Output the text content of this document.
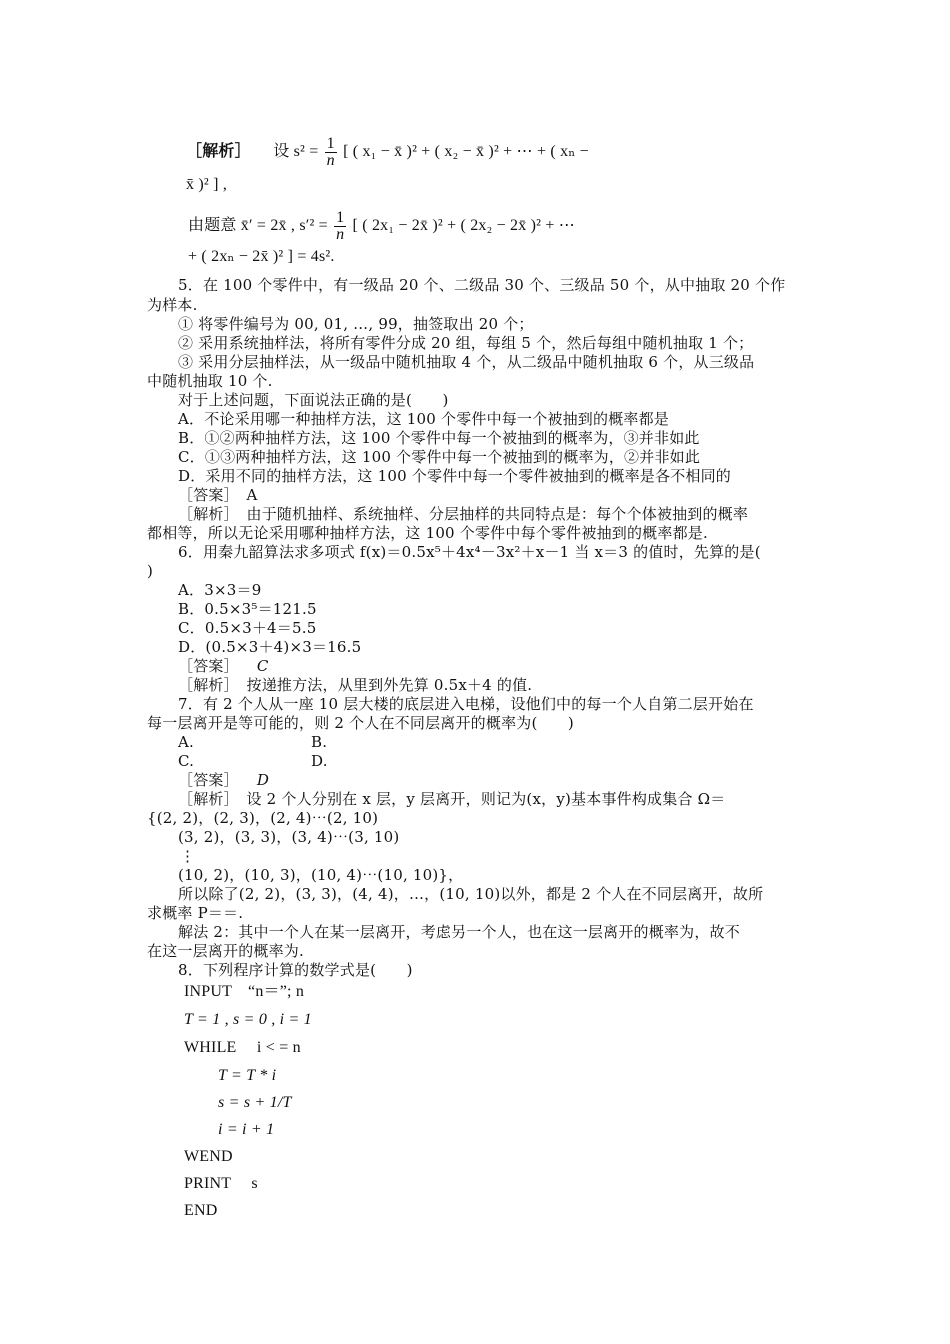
［解析］ 设 $s^2 = \frac{1}{n}$ [ ( x₁ − x̄ )² + ( x₂ − x̄ )² + ⋯ + ( xₙ −
x̄ )² ] ,
由题意 x̄′ = 2x̄ , $s'^2 = \frac{1}{n}$ [ ( 2x₁ − 2x̄ )² + ( 2x₂ − 2x̄ )² + ⋯
+ ( 2xₙ − 2x̄ )² ] = 4s².
5．在 100 个零件中，有一级品 20 个、二级品 30 个、三级品 50 个，从中抽取 20 个作
为样本.
① 将零件编号为 00, 01, …, 99，抽签取出 20 个；
② 采用系统抽样法，将所有零件分成 20 组，每组 5 个，然后每组中随机抽取 1 个；
③ 采用分层抽样法，从一级品中随机抽取 4 个，从二级品中随机抽取 6 个，从三级品
中随机抽取 10 个.
对于上述问题，下面说法正确的是(　　)
A．不论采用哪一种抽样方法，这 100 个零件中每一个被抽到的概率都是
B．①②两种抽样方法，这 100 个零件中每一个被抽到的概率为，③并非如此
C．①③两种抽样方法，这 100 个零件中每一个被抽到的概率为，②并非如此
D．采用不同的抽样方法，这 100 个零件中每一个零件被抽到的概率是各不相同的
［答案］　A
［解析］　由于随机抽样、系统抽样、分层抽样的共同特点是：每个个体被抽到的概率
都相等，所以无论采用哪种抽样方法，这 100 个零件中每个零件被抽到的概率都是.
6．用秦九韶算法求多项式 f(x)＝0.5x⁵＋4x⁴－3x²＋x－1 当 x＝3 的值时，先算的是(
)
A．3×3＝9
B．0.5×3⁵＝121.5
C．0.5×3＋4＝5.5
D．(0.5×3＋4)×3＝16.5
［答案］ C
［解析］　按递推方法，从里到外先算 0.5x＋4 的值.
7．有 2 个人从一座 10 层大楼的底层进入电梯，设他们中的每一个人自第二层开始在
每一层离开是等可能的，则 2 个人在不同层离开的概率为(　　)
A.	B.
C.	D.
［答案］ D
［解析］　设 2 个人分别在 x 层，y 层离开，则记为(x，y)基本事件构成集合 Ω＝
{(2, 2)，(2, 3)，(2, 4)⋯(2, 10)
(3, 2)，(3, 3)，(3, 4)⋯(3, 10)
⋮
(10, 2)，(10, 3)，(10, 4)⋯(10, 10)}，
所以除了(2, 2)，(3, 3)，(4, 4)，…，(10, 10)以外，都是 2 个人在不同层离开，故所
求概率 P＝＝.
解法 2：其中一个人在某一层离开，考虑另一个人，也在这一层离开的概率为，故不
在这一层离开的概率为.
8．下列程序计算的数学式是(　　)
INPUT　“n＝”; n
T = 1 , s = 0 , i = 1
WHILE　 i < = n
T = T * i
s = s + 1/T
i = i + 1
WEND
PRINT　 s
END
